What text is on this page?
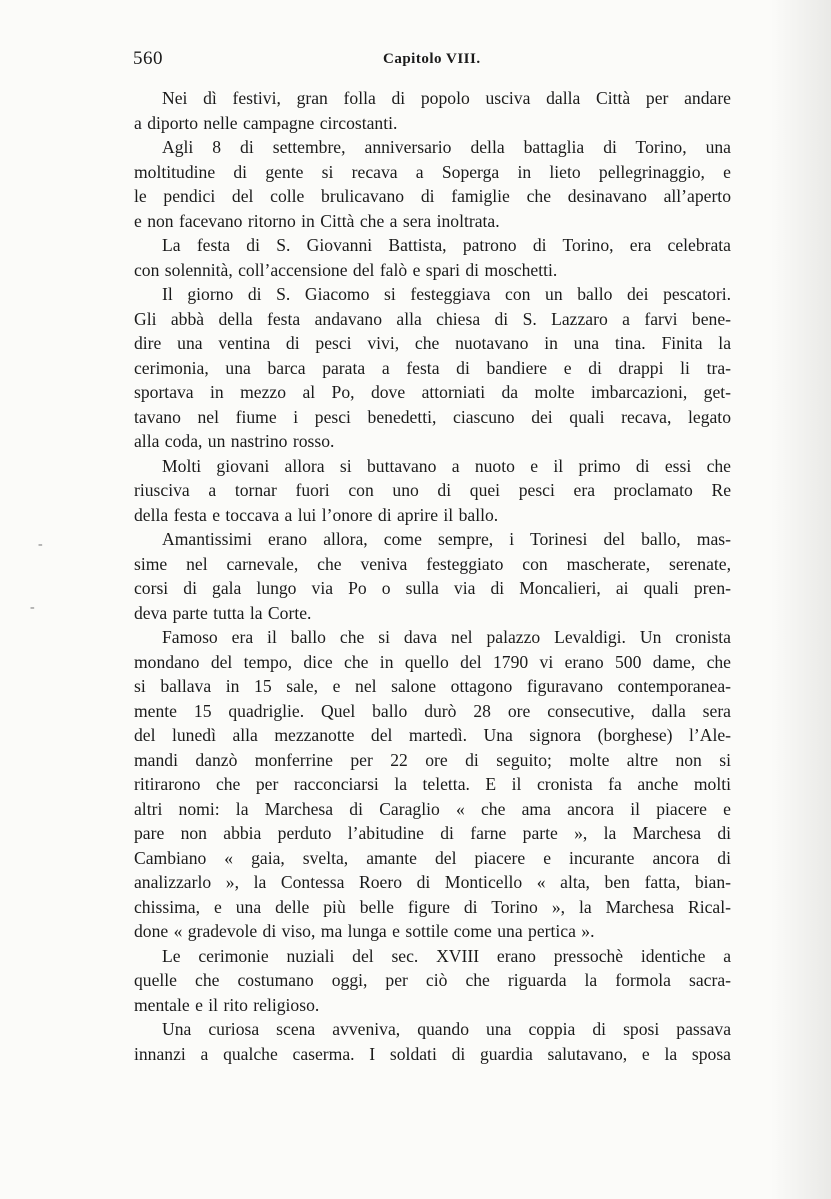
560	Capitolo VIII.
Nei dì festivi, gran folla di popolo usciva dalla Città per andare
a diporto nelle campagne circostanti.
Agli 8 di settembre, anniversario della battaglia di Torino, una
moltitudine di gente si recava a Soperga in lieto pellegrinaggio, e
le pendici del colle brulicavano di famiglie che desinavano all’aperto
e non facevano ritorno in Città che a sera inoltrata.
La festa di S. Giovanni Battista, patrono di Torino, era celebrata
con solennità, coll’accensione del falò e spari di moschetti.
Il giorno di S. Giacomo si festeggiava con un ballo dei pescatori.
Gli abbà della festa andavano alla chiesa di S. Lazzaro a farvi bene-
dire una ventina di pesci vivi, che nuotavano in una tina. Finita la
cerimonia, una barca parata a festa di bandiere e di drappi li tra-
sportava in mezzo al Po, dove attorniati da molte imbarcazioni, get-
tavano nel fiume i pesci benedetti, ciascuno dei quali recava, legato
alla coda, un nastrino rosso.
Molti giovani allora si buttavano a nuoto e il primo di essi che
riusciva a tornar fuori con uno di quei pesci era proclamato Re
della festa e toccava a lui l’onore di aprire il ballo.
Amantissimi erano allora, come sempre, i Torinesi del ballo, mas-
sime nel carnevale, che veniva festeggiato con mascherate, serenate,
corsi di gala lungo via Po o sulla via di Moncalieri, ai quali pren-
deva parte tutta la Corte.
Famoso era il ballo che si dava nel palazzo Levaldigi. Un cronista
mondano del tempo, dice che in quello del 1790 vi erano 500 dame, che
si ballava in 15 sale, e nel salone ottagono figuravano contemporanea-
mente 15 quadriglie. Quel ballo durò 28 ore consecutive, dalla sera
del lunedì alla mezzanotte del martedì. Una signora (borghese) l’Ale-
mandi danzò monferrine per 22 ore di seguito; molte altre non si
ritirarono che per racconciarsi la teletta. E il cronista fa anche molti
altri nomi: la Marchesa di Caraglio « che ama ancora il piacere e
pare non abbia perduto l’abitudine di farne parte », la Marchesa di
Cambiano « gaia, svelta, amante del piacere e incurante ancora di
analizzarlo », la Contessa Roero di Monticello « alta, ben fatta, bian-
chissima, e una delle più belle figure di Torino », la Marchesa Rical-
done « gradevole di viso, ma lunga e sottile come una pertica ».
Le cerimonie nuziali del sec. XVIII erano pressochè identiche a
quelle che costumano oggi, per ciò che riguarda la formola sacra-
mentale e il rito religioso.
Una curiosa scena avveniva, quando una coppia di sposi passava
innanzi a qualche caserma. I soldati di guardia salutavano, e la sposa
-
-
